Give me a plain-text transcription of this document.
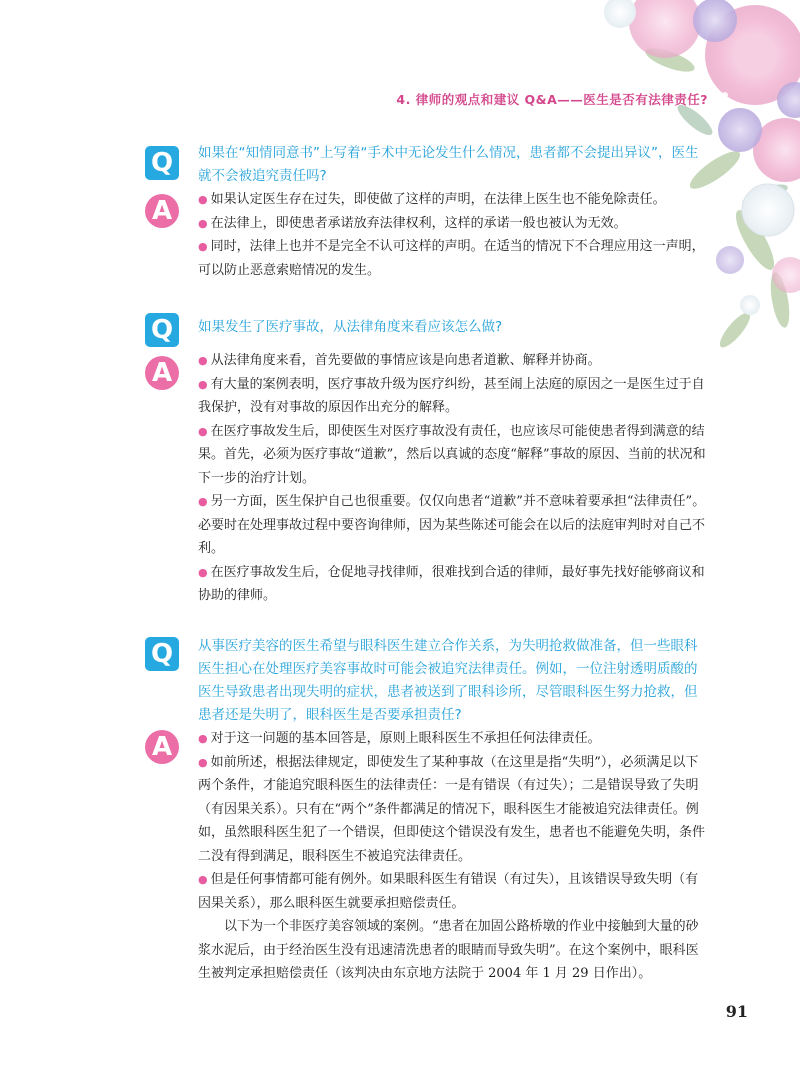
4. 律师的观点和建议 Q&A——医生是否有法律责任?
Q	如果在“知情同意书”上写着“手术中无论发生什么情况，患者都不会提出异议”，医生就不会被追究责任吗?
A	● 如果认定医生存在过失，即使做了这样的声明，在法律上医生也不能免除责任。

● 在法律上，即使患者承诺放弃法律权利，这样的承诺一般也被认为无效。

● 同时，法律上也并不是完全不认可这样的声明。在适当的情况下不合理应用这一声明，可以防止恶意索赔情况的发生。

Q	如果发生了医疗事故，从法律角度来看应该怎么做?
A	● 从法律角度来看，首先要做的事情应该是向患者道歉、解释并协商。

● 有大量的案例表明，医疗事故升级为医疗纠纷，甚至闹上法庭的原因之一是医生过于自我保护，没有对事故的原因作出充分的解释。

● 在医疗事故发生后，即使医生对医疗事故没有责任，也应该尽可能使患者得到满意的结果。首先，必须为医疗事故“道歉”，然后以真诚的态度“解释”事故的原因、当前的状况和下一步的治疗计划。

● 另一方面，医生保护自己也很重要。仅仅向患者“道歉”并不意味着要承担“法律责任”。必要时在处理事故过程中要咨询律师，因为某些陈述可能会在以后的法庭审判时对自己不利。

● 在医疗事故发生后，仓促地寻找律师，很难找到合适的律师，最好事先找好能够商议和协助的律师。

Q	从事医疗美容的医生希望与眼科医生建立合作关系，为失明抢救做准备，但一些眼科医生担心在处理医疗美容事故时可能会被追究法律责任。例如，一位注射透明质酸的医生导致患者出现失明的症状，患者被送到了眼科诊所，尽管眼科医生努力抢救，但患者还是失明了，眼科医生是否要承担责任?
A	● 对于这一问题的基本回答是，原则上眼科医生不承担任何法律责任。

● 如前所述，根据法律规定，即使发生了某种事故（在这里是指“失明”），必须满足以下两个条件，才能追究眼科医生的法律责任：一是有错误（有过失）；二是错误导致了失明（有因果关系）。只有在“两个”条件都满足的情况下，眼科医生才能被追究法律责任。例如，虽然眼科医生犯了一个错误，但即使这个错误没有发生，患者也不能避免失明，条件二没有得到满足，眼科医生不被追究法律责任。

● 但是任何事情都可能有例外。如果眼科医生有错误（有过失），且该错误导致失明（有因果关系），那么眼科医生就要承担赔偿责任。

以下为一个非医疗美容领域的案例。“患者在加固公路桥墩的作业中接触到大量的砂浆水泥后，由于经治医生没有迅速清洗患者的眼睛而导致失明”。在这个案例中，眼科医生被判定承担赔偿责任（该判决由东京地方法院于 2004 年 1 月 29 日作出）。

91
